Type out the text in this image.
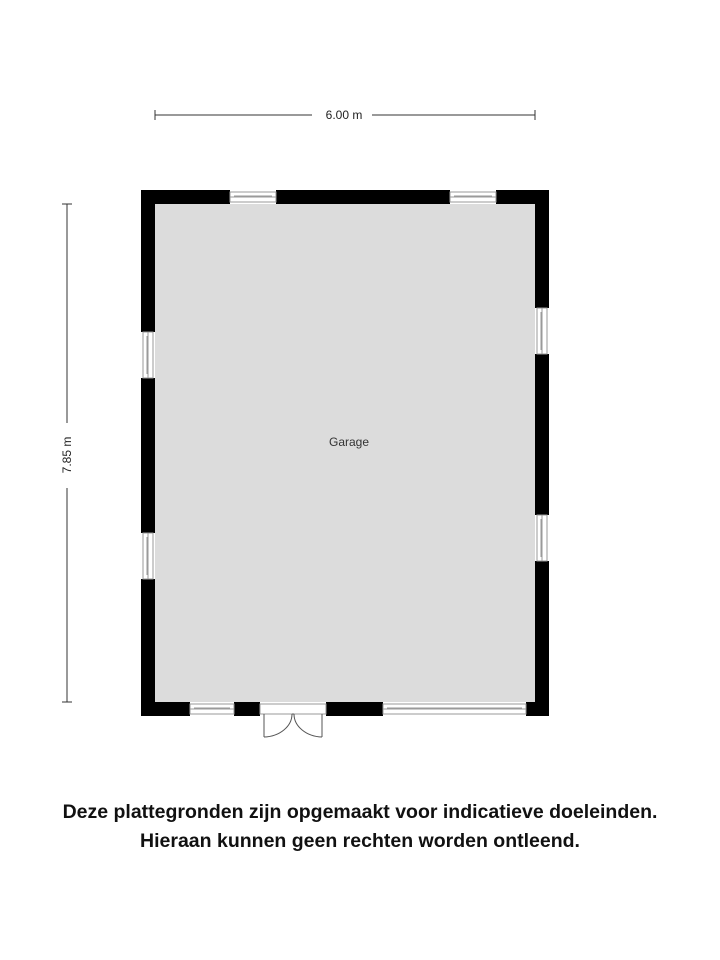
6.00 m
7.85 m	Garage
Deze plattegronden zijn opgemaakt voor indicatieve doeleinden.
Hieraan kunnen geen rechten worden ontleend.
